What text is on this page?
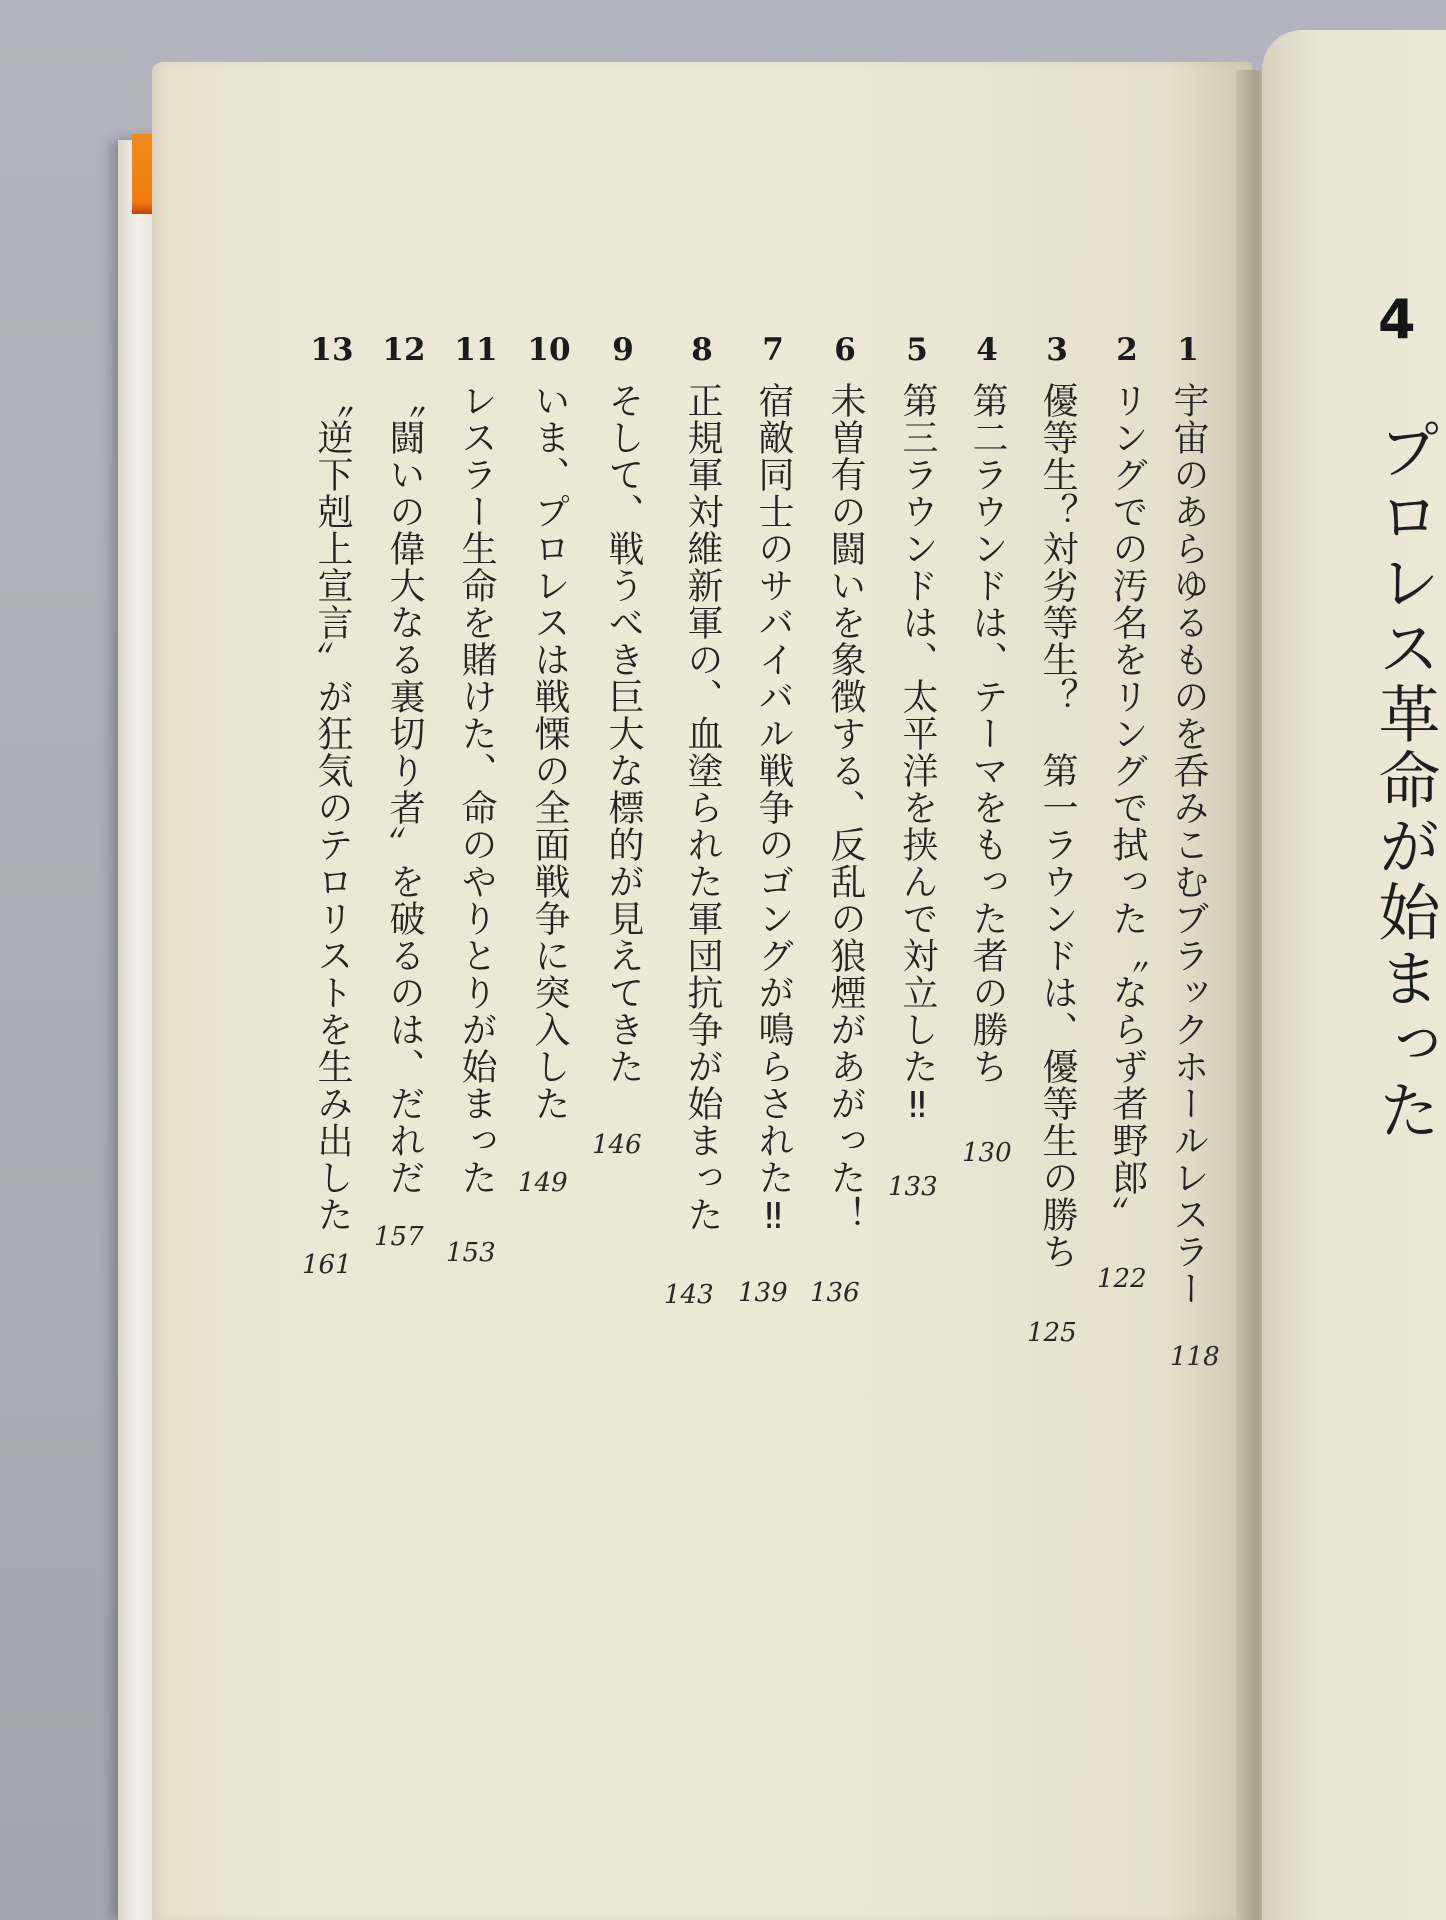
1
宇宙のあらゆるものを呑みこむブラックホールレスラー
118
2
リングでの汚名をリングで拭った〝ならず者野郎〟
122
3
優等生？対劣等生？　第一ラウンドは、優等生の勝ち
125
4
第二ラウンドは、テーマをもった者の勝ち
130
5
第三ラウンドは、太平洋を挟んで対立した‼
133
6
未曽有の闘いを象徴する、反乱の狼煙があがった！
136
7
宿敵同士のサバイバル戦争のゴングが鳴らされた‼
139
8
正規軍対維新軍の、血塗られた軍団抗争が始まった
143
9
そして、戦うべき巨大な標的が見えてきた
146
10
いま、プロレスは戦慄の全面戦争に突入した
149
11
レスラー生命を賭けた、命のやりとりが始まった
153
12
〝闘いの偉大なる裏切り者〟を破るのは、だれだ
157
13
〝逆下剋上宣言〟が狂気のテロリストを生み出した
161
4
プロレス革命が始まった
